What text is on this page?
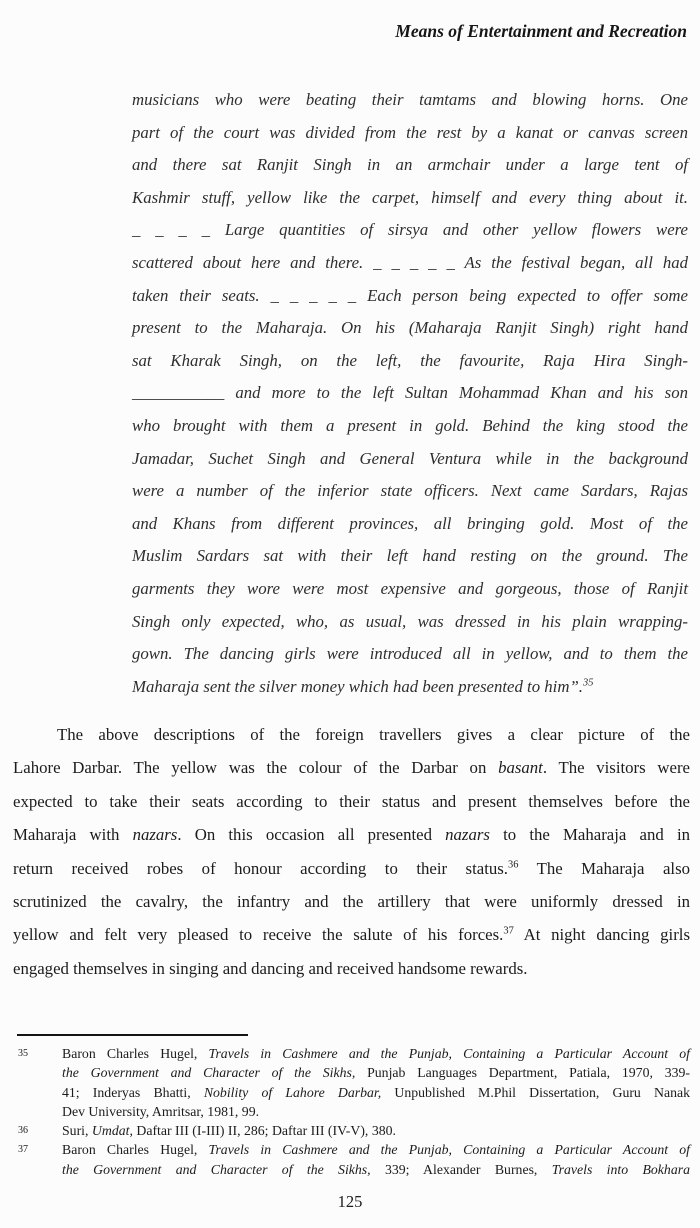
Means of Entertainment and Recreation
musicians who were beating their tamtams and blowing horns. One
part of the court was divided from the rest by a kanat or canvas screen
and there sat Ranjit Singh in an armchair under a large tent of
Kashmir stuff, yellow like the carpet, himself and every thing about it.
_ _ _ _ Large quantities of sirsya and other yellow flowers were
scattered about here and there. _ _ _ _ _ As the festival began, all had
taken their seats. _ _ _ _ _ Each person being expected to offer some
present to the Maharaja. On his (Maharaja Ranjit Singh) right hand
sat Kharak Singh, on the left, the favourite, Raja Hira Singh-
___________ and more to the left Sultan Mohammad Khan and his son
who brought with them a present in gold. Behind the king stood the
Jamadar, Suchet Singh and General Ventura while in the background
were a number of the inferior state officers. Next came Sardars, Rajas
and Khans from different provinces, all bringing gold. Most of the
Muslim Sardars sat with their left hand resting on the ground. The
garments they wore were most expensive and gorgeous, those of Ranjit
Singh only expected, who, as usual, was dressed in his plain wrapping-
gown. The dancing girls were introduced all in yellow, and to them the
Maharaja sent the silver money which had been presented to him”.$^{35}$
The above descriptions of the foreign travellers gives a clear picture of the
Lahore Darbar. The yellow was the colour of the Darbar on basant. The visitors were
expected to take their seats according to their status and present themselves before the
Maharaja with nazars. On this occasion all presented nazars to the Maharaja and in
return received robes of honour according to their status.$^{36}$ The Maharaja also
scrutinized the cavalry, the infantry and the artillery that were uniformly dressed in
yellow and felt very pleased to receive the salute of his forces.$^{37}$ At night dancing girls
engaged themselves in singing and dancing and received handsome rewards.
35	Baron Charles Hugel, Travels in Cashmere and the Punjab, Containing a Particular Account of
the Government and Character of the Sikhs, Punjab Languages Department, Patiala, 1970, 339-
41; Inderyas Bhatti, Nobility of Lahore Darbar, Unpublished M.Phil Dissertation, Guru Nanak
Dev University, Amritsar, 1981, 99.
36	Suri, Umdat, Daftar III (I-III) II, 286; Daftar III (IV-V), 380.
37	Baron Charles Hugel, Travels in Cashmere and the Punjab, Containing a Particular Account of
the Government and Character of the Sikhs, 339; Alexander Burnes, Travels into Bokhara
125
